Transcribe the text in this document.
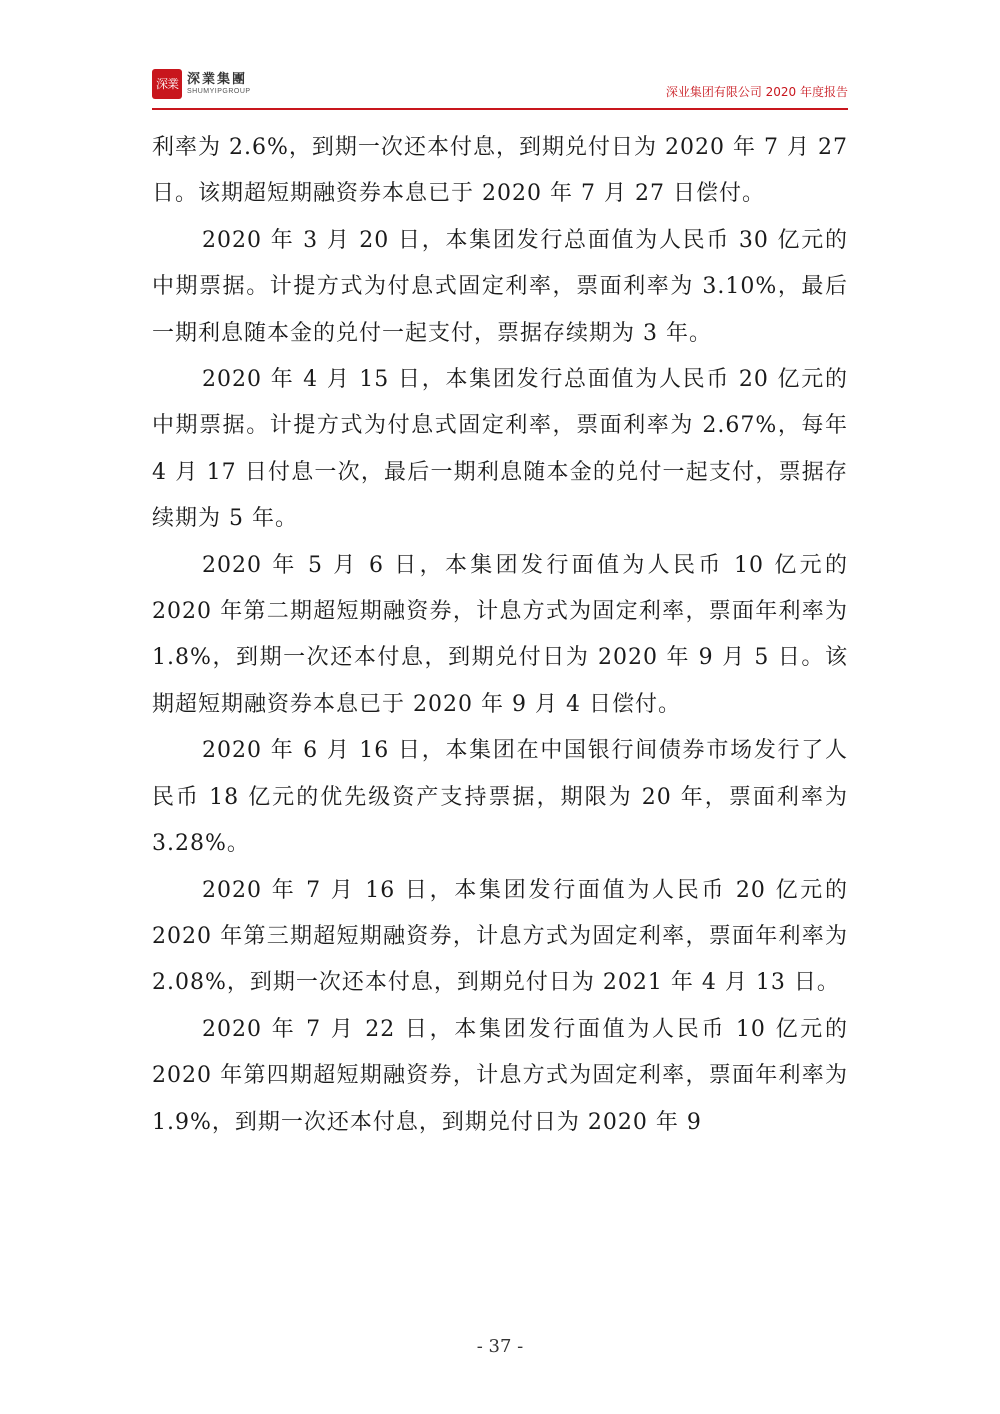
深業 深業集團
SHUMYIPGROUP	深业集团有限公司 2020 年度报告

利率为 2.6%，到期一次还本付息，到期兑付日为 2020 年 7 月 27 日。该期超短期融资券本息已于 2020 年 7 月 27 日偿付。

2020 年 3 月 20 日，本集团发行总面值为人民币 30 亿元的中期票据。计提方式为付息式固定利率，票面利率为 3.10%，最后一期利息随本金的兑付一起支付，票据存续期为 3 年。

2020 年 4 月 15 日，本集团发行总面值为人民币 20 亿元的中期票据。计提方式为付息式固定利率，票面利率为 2.67%，每年 4 月 17 日付息一次，最后一期利息随本金的兑付一起支付，票据存续期为 5 年。

2020 年 5 月 6 日，本集团发行面值为人民币 10 亿元的 2020 年第二期超短期融资券，计息方式为固定利率，票面年利率为 1.8%，到期一次还本付息，到期兑付日为 2020 年 9 月 5 日。该期超短期融资券本息已于 2020 年 9 月 4 日偿付。

2020 年 6 月 16 日，本集团在中国银行间债券市场发行了人民币 18 亿元的优先级资产支持票据，期限为 20 年，票面利率为 3.28%。

2020 年 7 月 16 日，本集团发行面值为人民币 20 亿元的 2020 年第三期超短期融资券，计息方式为固定利率，票面年利率为 2.08%，到期一次还本付息，到期兑付日为 2021 年 4 月 13 日。

2020 年 7 月 22 日，本集团发行面值为人民币 10 亿元的 2020 年第四期超短期融资券，计息方式为固定利率，票面年利率为 1.9%，到期一次还本付息，到期兑付日为 2020 年 9

- 37 -
